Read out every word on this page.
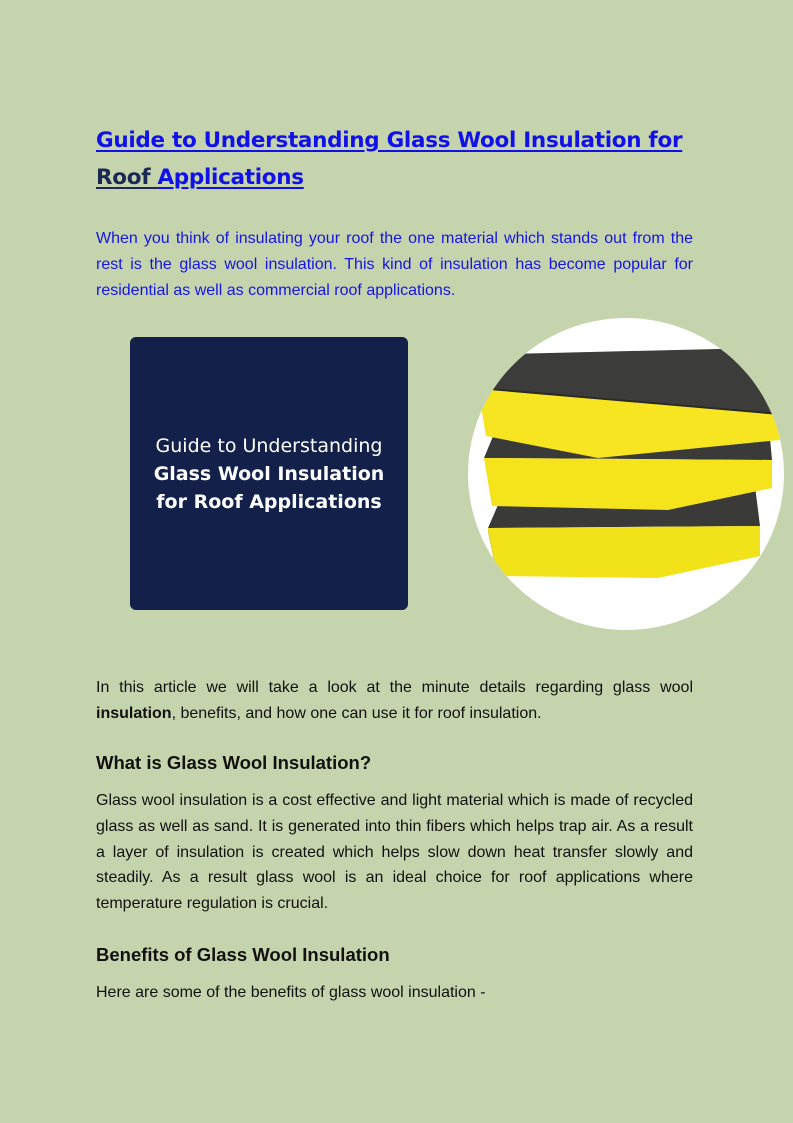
Guide to Understanding Glass Wool Insulation for
Roof Applications

When you think of insulating your roof the one material which stands out from the rest is the glass wool insulation. This kind of insulation has become popular for residential as well as commercial roof applications.

Guide to Understanding
Glass Wool Insulation
for Roof Applications

In this article we will take a look at the minute details regarding glass wool insulation, benefits, and how one can use it for roof insulation.

What is Glass Wool Insulation?

Glass wool insulation is a cost effective and light material which is made of recycled glass as well as sand. It is generated into thin fibers which helps trap air. As a result a layer of insulation is created which helps slow down heat transfer slowly and steadily. As a result glass wool is an ideal choice for roof applications where temperature regulation is crucial.

Benefits of Glass Wool Insulation

Here are some of the benefits of glass wool insulation -
